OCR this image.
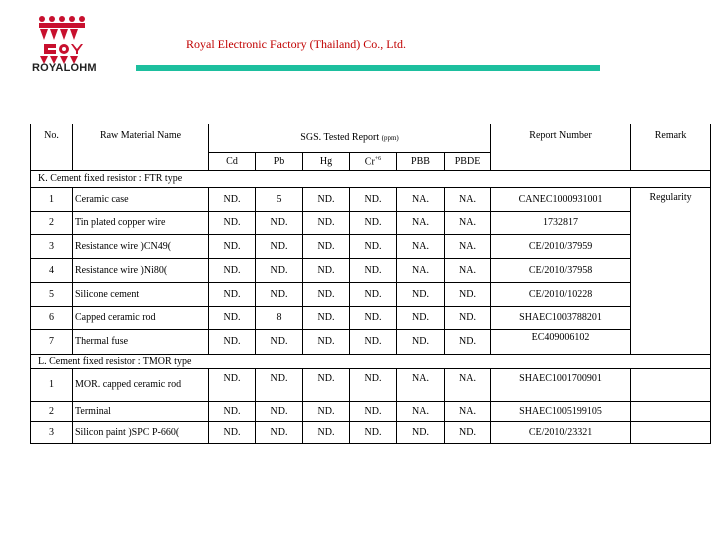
ROYALOHM
Royal Electronic Factory (Thailand) Co., Ltd.
No.	Raw Material Name	SGS. Tested Report (ppm)						Report Number	Remark
		Cd	Pb	Hg	$Cr^{+6}$	PBB	PBDE		
K. Cement fixed resistor : FTR type									
1	Ceramic case	ND.	5	ND.	ND.	NA.	NA.	CANEC1000931001	Regularity
2	Tin plated copper wire	ND.	ND.	ND.	ND.	NA.	NA.	1732817	
3	Resistance wire )CN49(	ND.	ND.	ND.	ND.	NA.	NA.	CE/2010/37959	
4	Resistance wire )Ni80(	ND.	ND.	ND.	ND.	NA.	NA.	CE/2010/37958	
5	Silicone cement	ND.	ND.	ND.	ND.	ND.	ND.	CE/2010/10228	
6	Capped ceramic rod	ND.	8	ND.	ND.	ND.	ND.	SHAEC1003788201	
7	Thermal fuse	ND.	ND.	ND.	ND.	ND.	ND.	EC409006102	
L. Cement fixed resistor : TMOR type									
1	MOR. capped ceramic rod	ND.	ND.	ND.	ND.	NA.	NA.	SHAEC1001700901	
2	Terminal	ND.	ND.	ND.	ND.	NA.	NA.	SHAEC1005199105	
3	Silicon paint )SPC P-660(	ND.	ND.	ND.	ND.	ND.	ND.	CE/2010/23321	
